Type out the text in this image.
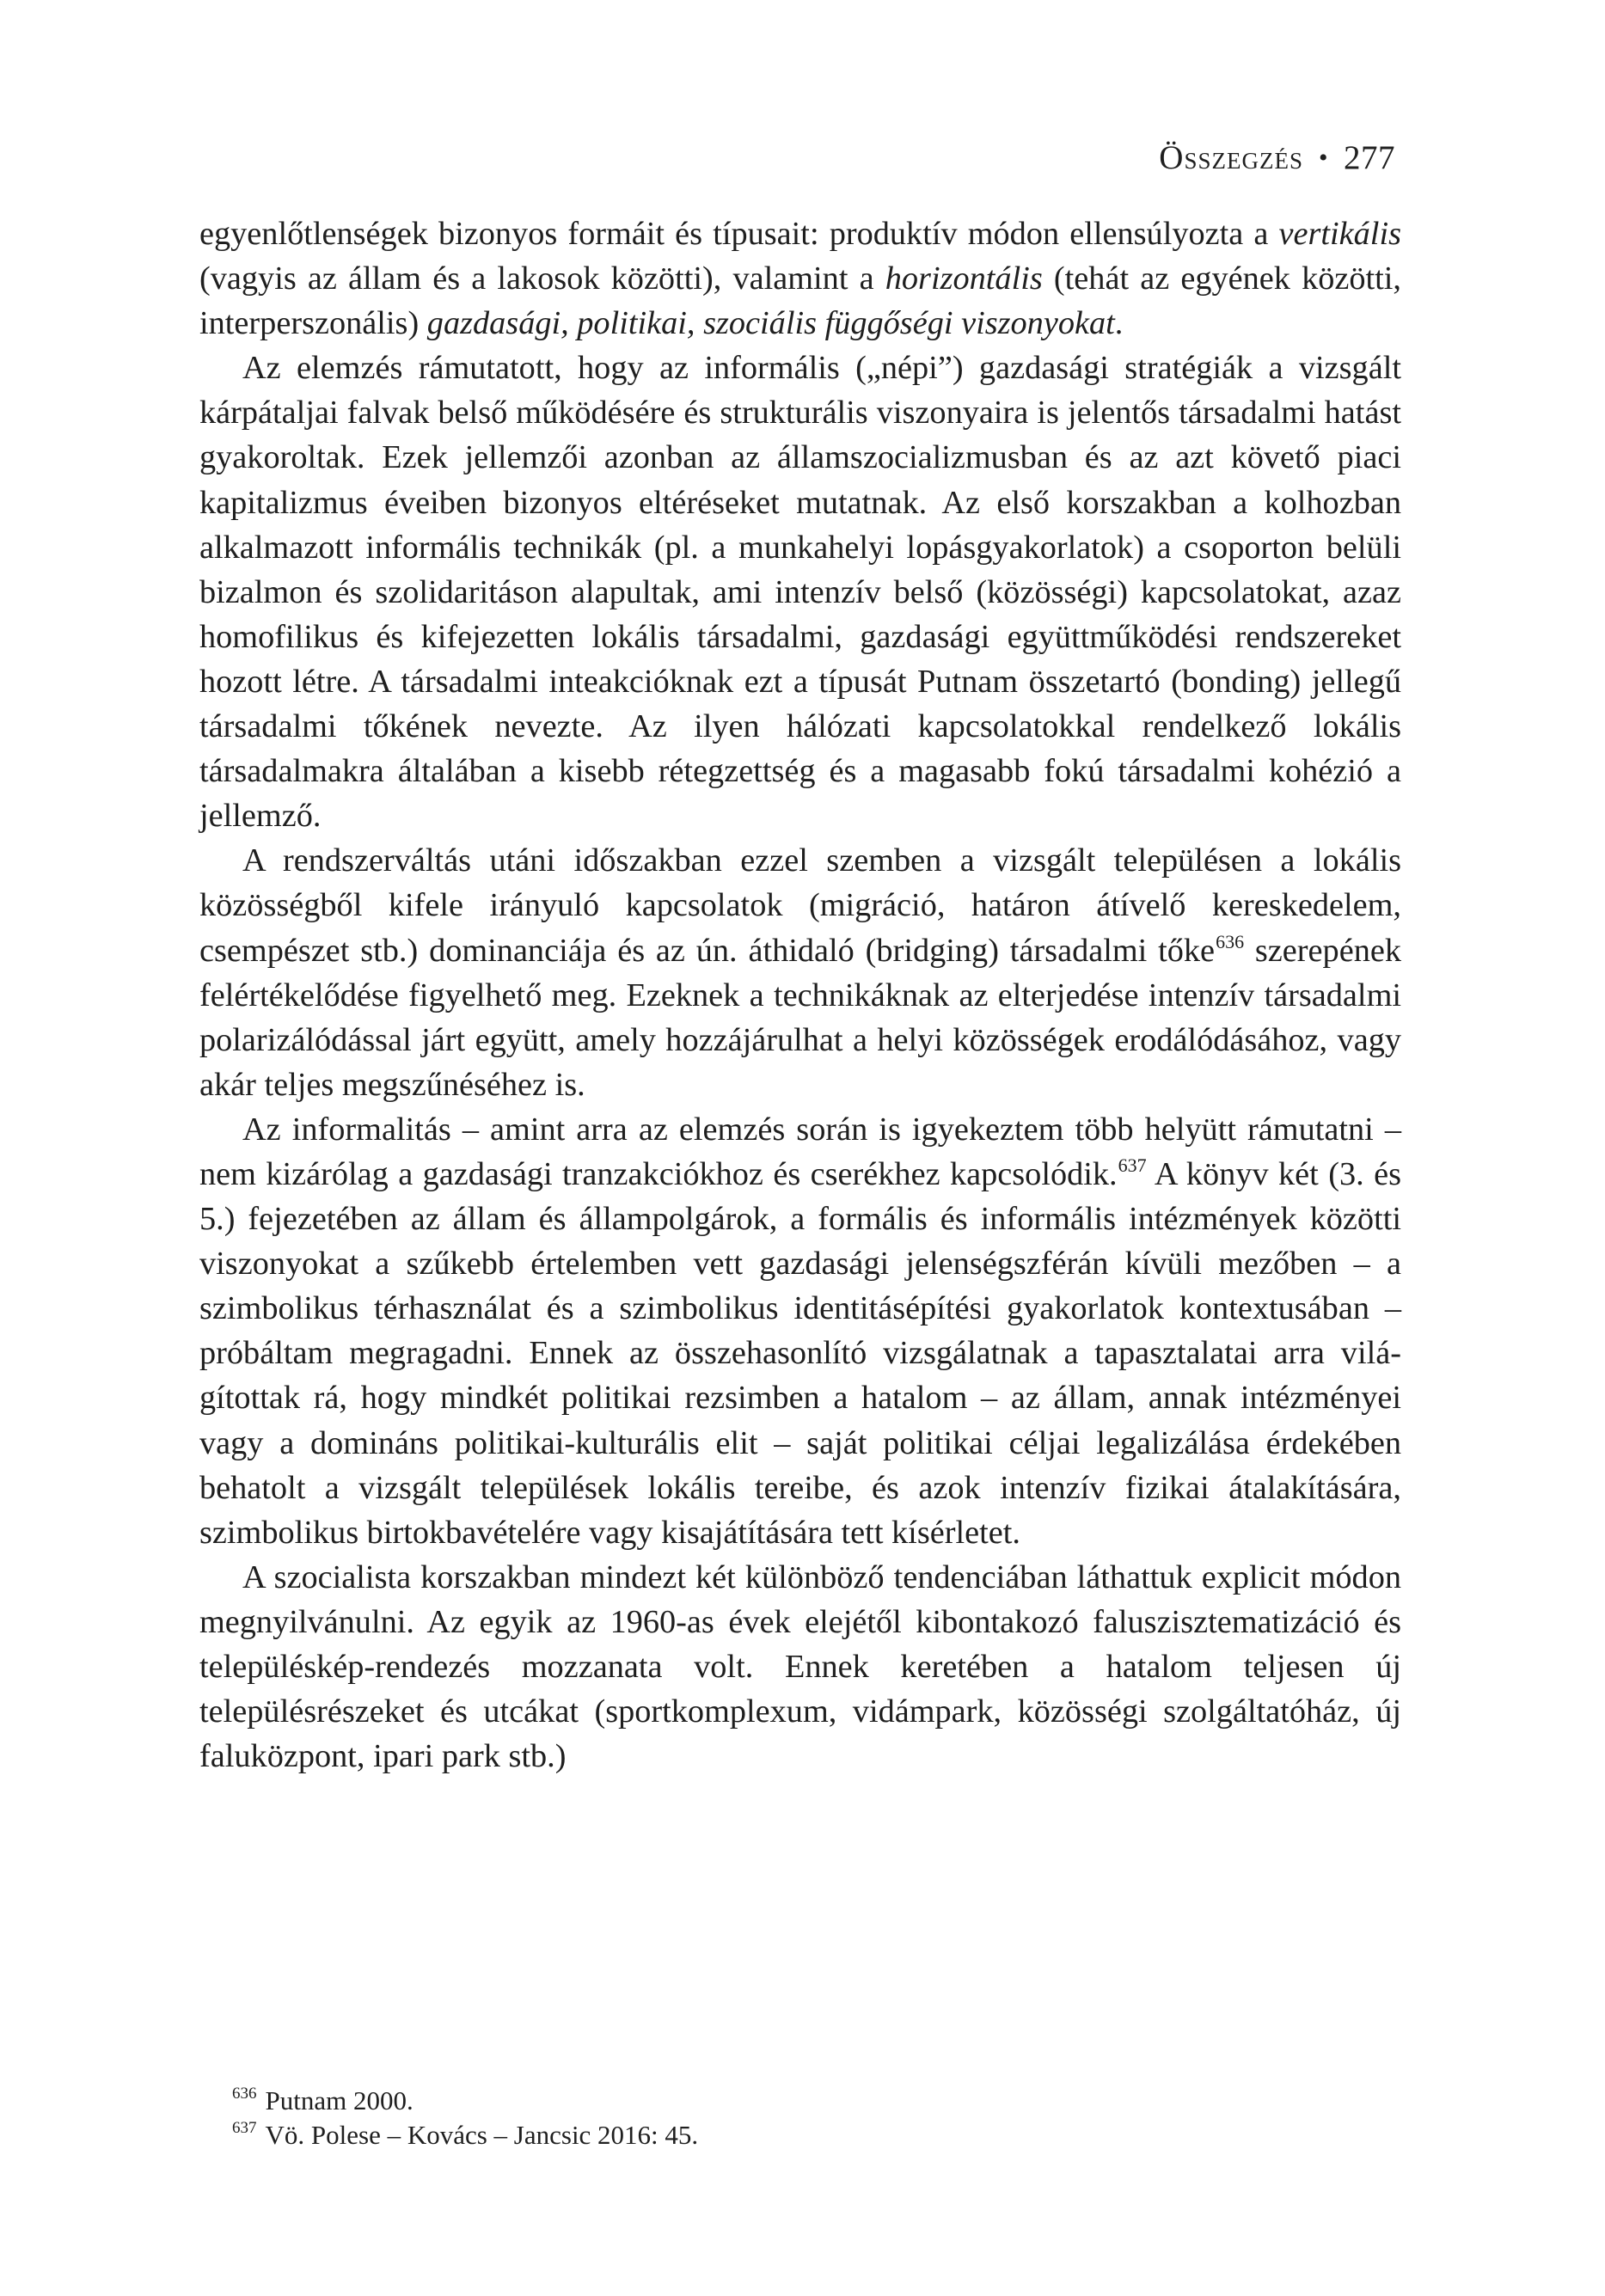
Összegzés • 277

egyenlőtlenségek bizonyos formáit és típusait: produktív módon ellensúlyozta a vertikális (vagyis az állam és a lakosok közötti), valamint a horizontális (tehát az egyének közötti, interperszonális) gazdasági, politikai, szociális függőségi viszonyokat.

Az elemzés rámutatott, hogy az informális („népi”) gazdasági stratégiák a vizsgált kárpátaljai falvak belső működésére és strukturális viszonyaira is jelentős társadalmi hatást gyakoroltak. Ezek jellemzői azonban az államszocializmusban és az azt követő piaci kapitalizmus éveiben bizonyos eltéréseket mutatnak. Az első korszakban a kolhozban alkalmazott informális technikák (pl. a munkahelyi lopásgyakorlatok) a csoporton belüli bizalmon és szolidaritáson alapultak, ami intenzív belső (közösségi) kapcsolatokat, azaz homofilikus és kifejezetten lokális társadalmi, gazdasági együttműködési rendszereket hozott létre. A társadalmi inteakcióknak ezt a típusát Putnam összetartó (bonding) jellegű társadalmi tőkének nevezte. Az ilyen hálózati kapcsolatokkal rendelkező lokális társadalmakra általában a kisebb rétegzettség és a magasabb fokú társadalmi kohézió a jellemző.

A rendszerváltás utáni időszakban ezzel szemben a vizsgált településen a lokális közösségből kifele irányuló kapcsolatok (migráció, határon átívelő kereskedelem, csempészet stb.) dominanciája és az ún. áthidaló (bridging) társadalmi tőke$^{636}$ szerepének felértékelődése figyelhető meg. Ezeknek a technikáknak az elterjedése intenzív társadalmi polarizálódással járt együtt, amely hozzájárulhat a helyi közösségek erodálódásához, vagy akár teljes megszűnéséhez is.

Az informalitás – amint arra az elemzés során is igyekeztem több helyütt rámutatni – nem kizárólag a gazdasági tranzakciókhoz és cserékhez kapcsolódik.$^{637}$ A könyv két (3. és 5.) fejezetében az állam és állampolgárok, a formális és informális intézmények közötti viszonyokat a szűkebb értelemben vett gazdasági jelenségszférán kívüli mezőben – a szimbolikus térhasználat és a szimbolikus identitásépítési gyakorlatok kontextusában – próbáltam megragadni. Ennek az összehasonlító vizsgálatnak a tapasztalatai arra világítottak rá, hogy mindkét politikai rezsimben a hatalom – az állam, annak intézményei vagy a domináns politikai-kulturális elit – saját politikai céljai legalizálása érdekében behatolt a vizsgált települések lokális tereibe, és azok intenzív fizikai átalakítására, szimbolikus birtokbavételére vagy kisajátítására tett kísérletet.

A szocialista korszakban mindezt két különböző tendenciában láthattuk explicit módon megnyilvánulni. Az egyik az 1960-as évek elejétől kibontakozó faluszisztematizáció és településkép-rendezés mozzanata volt. Ennek keretében a hatalom teljesen új településrészeket és utcákat (sportkomplexum, vidámpark, közösségi szolgáltatóház, új faluközpont, ipari park stb.)

$^{636}$ Putnam 2000.

$^{637}$ Vö. Polese – Kovács – Jancsic 2016: 45.
